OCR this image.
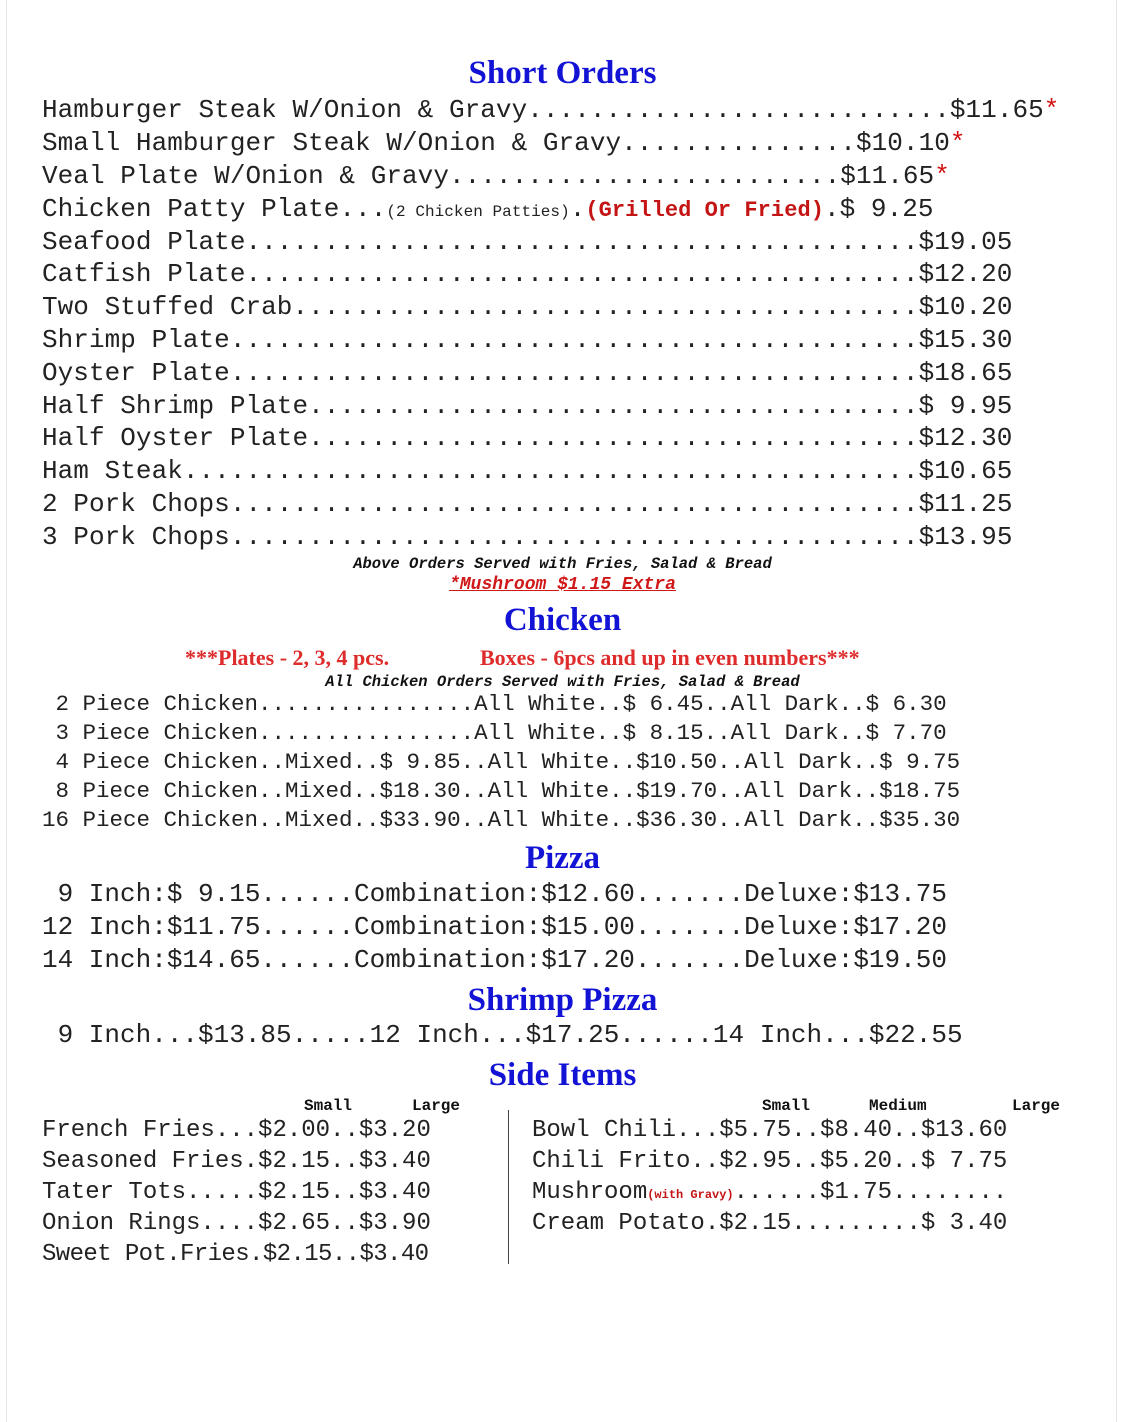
Short Orders
Hamburger Steak W/Onion & Gravy...........................$11.65*
Small Hamburger Steak W/Onion & Gravy...............$10.10*
Veal Plate W/Onion & Gravy.........................$11.65*
Seafood Plate...........................................$19.05
Catfish Plate...........................................$12.20
Two Stuffed Crab........................................$10.20
Shrimp Plate............................................$15.30
Oyster Plate............................................$18.65
Half Shrimp Plate.......................................$ 9.95
Half Oyster Plate.......................................$12.30
Ham Steak...............................................$10.65
2 Pork Chops............................................$11.25
3 Pork Chops............................................$13.95
Chicken Patty Plate...(2 Chicken Patties).(Grilled Or Fried).$ 9.25
Above Orders Served with Fries, Salad & Bread
*Mushroom $1.15 Extra
Chicken
***Plates - 2, 3, 4 pcs.	Boxes - 6pcs and up in even numbers***
All Chicken Orders Served with Fries, Salad & Bread
2 Piece Chicken................All White..$ 6.45..All Dark..$ 6.30
3 Piece Chicken................All White..$ 8.15..All Dark..$ 7.70
4 Piece Chicken..Mixed..$ 9.85..All White..$10.50..All Dark..$ 9.75
8 Piece Chicken..Mixed..$18.30..All White..$19.70..All Dark..$18.75
16 Piece Chicken..Mixed..$33.90..All White..$36.30..All Dark..$35.30
Pizza
9 Inch:$ 9.15......Combination:$12.60.......Deluxe:$13.75
12 Inch:$11.75......Combination:$15.00.......Deluxe:$17.20
14 Inch:$14.65......Combination:$17.20.......Deluxe:$19.50
Shrimp Pizza
9 Inch...$13.85.....12 Inch...$17.25......14 Inch...$22.55
Side Items
Small	Large	Small	Medium	Large
French Fries...$2.00..$3.20
Seasoned Fries.$2.15..$3.40
Tater Tots.....$2.15..$3.40
Onion Rings....$2.65..$3.90
Sweet Pot.Fries.$2.15..$3.40
Bowl Chili...$5.75..$8.40..$13.60
Chili Frito..$2.95..$5.20..$ 7.75
Cream Potato.$2.15.........$ 3.40
Mushroom(with Gravy)......$1.75........
